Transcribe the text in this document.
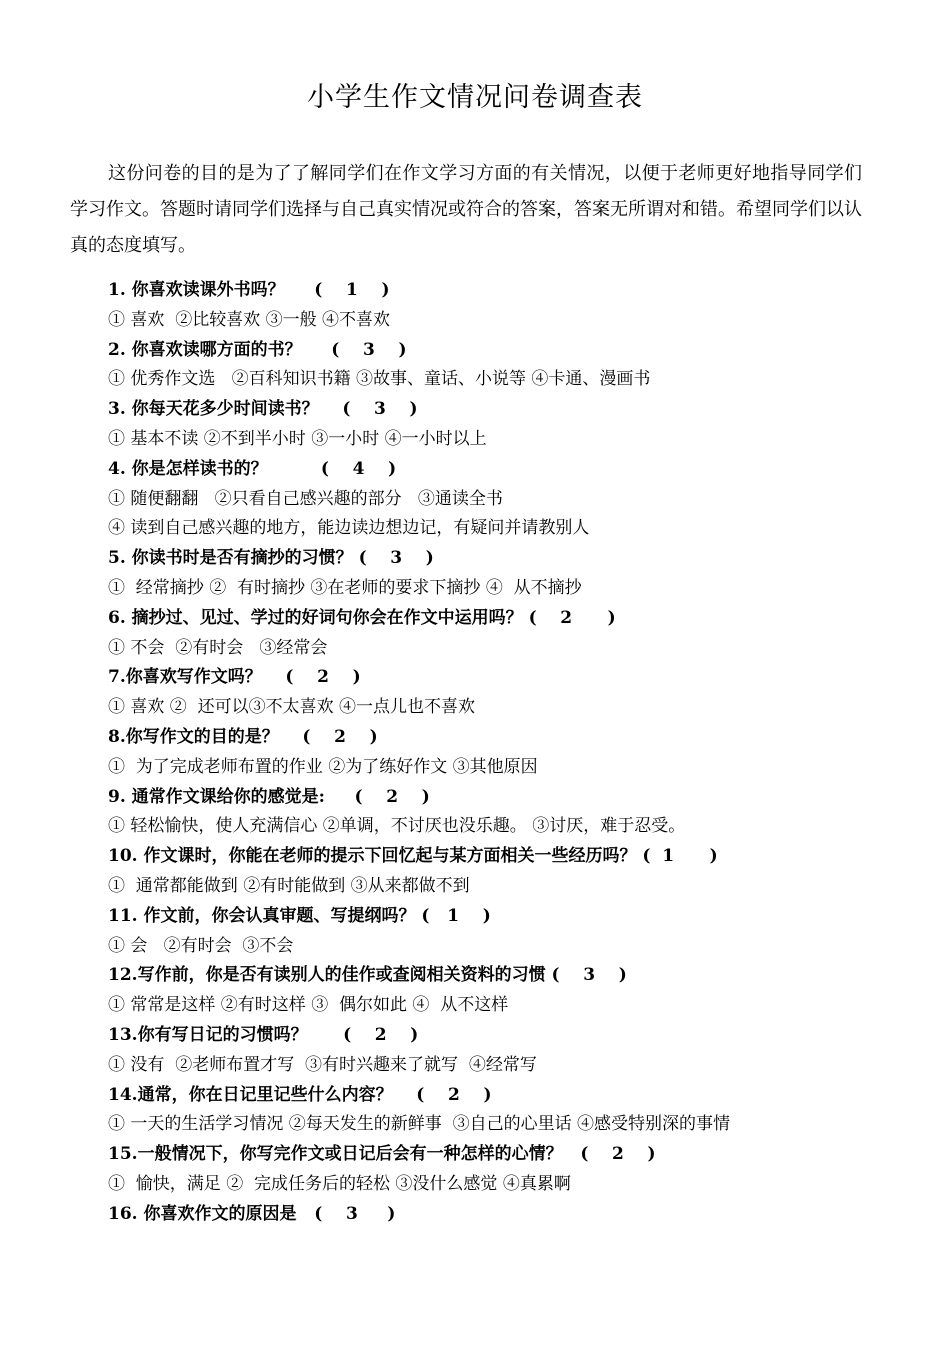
小学生作文情况问卷调查表

这份问卷的目的是为了了解同学们在作文学习方面的有关情况，以便于老师更好地指导同学们学习作文。答题时请同学们选择与自己真实情况或符合的答案，答案无所谓对和错。希望同学们以认真的态度填写。

1. 你喜欢读课外书吗？     (    1    )
① 喜欢  ②比较喜欢 ③一般 ④不喜欢
2. 你喜欢读哪方面的书？     (    3    )
① 优秀作文选   ②百科知识书籍 ③故事、童话、小说等 ④卡通、漫画书
3. 你每天花多少时间读书？    (    3    )
① 基本不读 ②不到半小时 ③一小时 ④一小时以上
4. 你是怎样读书的？         (    4    )
① 随便翻翻   ②只看自己感兴趣的部分   ③通读全书
④ 读到自己感兴趣的地方，能边读边想边记，有疑问并请教别人
5. 你读书时是否有摘抄的习惯？ (    3    )
①  经常摘抄 ②  有时摘抄 ③在老师的要求下摘抄 ④  从不摘抄
6. 摘抄过、见过、学过的好词句你会在作文中运用吗？ (    2      )
① 不会  ②有时会   ③经常会
7.你喜欢写作文吗？    (    2    )
① 喜欢 ②  还可以③不太喜欢 ④一点儿也不喜欢
8.你写作文的目的是？    (    2    )
①  为了完成老师布置的作业 ②为了练好作文 ③其他原因
9. 通常作文课给你的感觉是:     (    2    )
① 轻松愉快，使人充满信心 ②单调，不讨厌也没乐趣。 ③讨厌，难于忍受。
10. 作文课时，你能在老师的提示下回忆起与某方面相关一些经历吗？ (  1      )
①  通常都能做到 ②有时能做到 ③从来都做不到
11. 作文前，你会认真审题、写提纲吗？ (   1    )
① 会   ②有时会  ③不会
12.写作前，你是否有读别人的佳作或查阅相关资料的习惯 (    3    )
① 常常是这样 ②有时这样 ③  偶尔如此 ④  从不这样
13.你有写日记的习惯吗？      (    2    )
① 没有  ②老师布置才写  ③有时兴趣来了就写  ④经常写
14.通常，你在日记里记些什么内容？    (    2    )
① 一天的生活学习情况 ②每天发生的新鲜事  ③自己的心里话 ④感受特别深的事情
15.一般情况下，你写完作文或日记后会有一种怎样的心情？   (    2    )
①  愉快，满足 ②  完成任务后的轻松 ③没什么感觉 ④真累啊
16. 你喜欢作文的原因是   (    3     )
